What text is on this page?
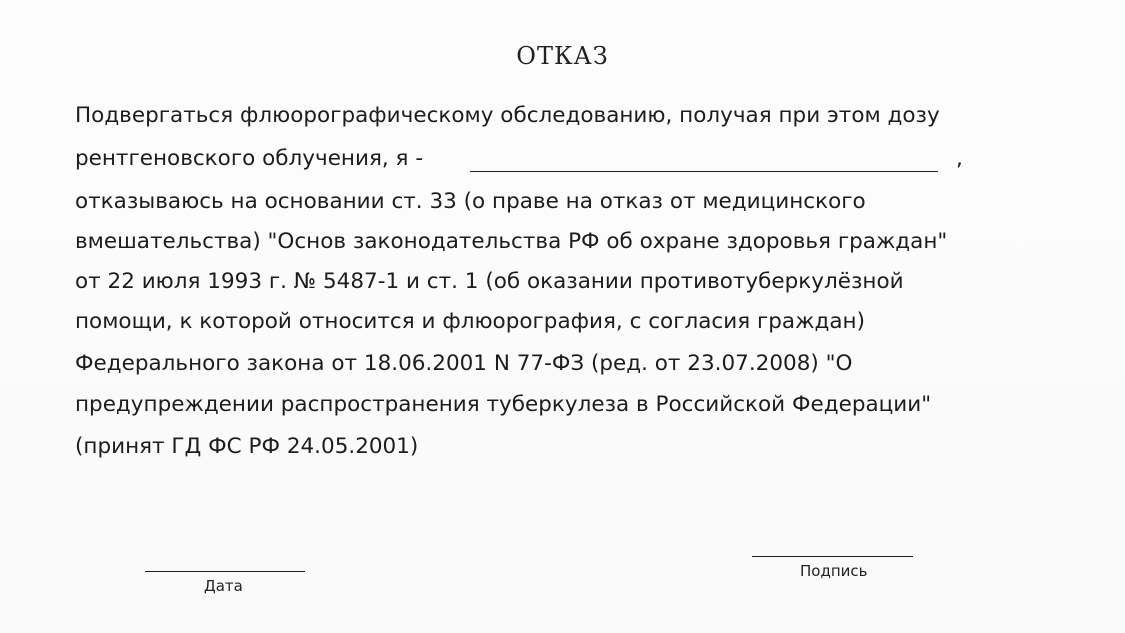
ОТКАЗ
Подвергаться флюорографическому обследованию, получая при этом дозу
рентгеновского облучения, я -	,
отказываюсь на основании ст. 33 (о праве на отказ от медицинского
вмешательства) "Основ законодательства РФ об охране здоровья граждан"
от 22 июля 1993 г. № 5487-1 и ст. 1 (об оказании противотуберкулёзной
помощи, к которой относится и флюорография, с согласия граждан)
Федерального закона от 18.06.2001 N 77-ФЗ (ред. от 23.07.2008) "О
предупреждении распространения туберкулеза в Российской Федерации"
(принят ГД ФС РФ 24.05.2001)
Дата
Подпись
